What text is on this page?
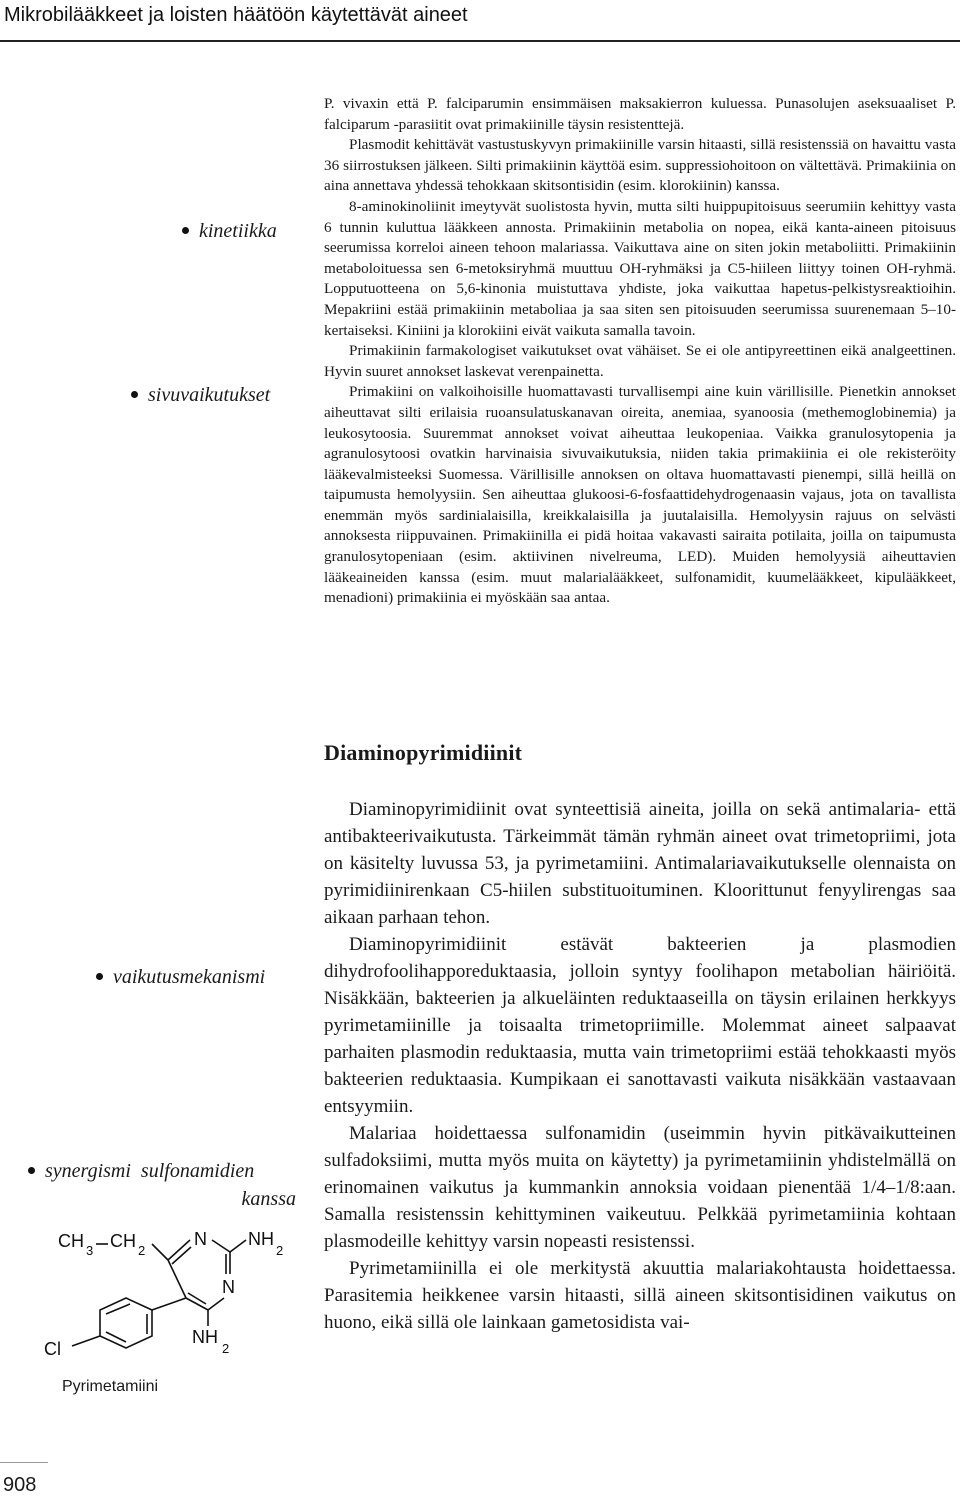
Mikrobilääkkeet ja loisten häätöön käytettävät aineet
kinetiikka
sivuvaikutukset
vaikutusmekanismi
synergismi  sulfonamidien
kanssa

P. vivaxin että P. falciparumin ensimmäisen maksakierron kuluessa. Punasolujen aseksuaaliset P. falciparum -parasiitit ovat primakiinille täysin resistenttejä.

Plasmodit kehittävät vastustuskyvyn primakiinille varsin hitaasti, sillä resistenssiä on havaittu vasta 36 siirrostuksen jälkeen. Silti primakiinin käyttöä esim. suppressiohoitoon on vältettävä. Primakiinia on aina annettava yhdessä tehokkaan skitsontisidin (esim. klorokiinin) kanssa.

8-aminokinoliinit imeytyvät suolistosta hyvin, mutta silti huippupitoisuus seerumiin kehittyy vasta 6 tunnin kuluttua lääkkeen annosta. Primakiinin metabolia on nopea, eikä kanta-aineen pitoisuus seerumissa korreloi aineen tehoon malariassa. Vaikuttava aine on siten jokin metaboliitti. Primakiinin metaboloituessa sen 6-metoksiryhmä muuttuu OH-ryhmäksi ja C5-hiileen liittyy toinen OH-ryhmä. Lopputuotteena on 5,6-kinonia muistuttava yhdiste, joka vaikuttaa hapetus-pelkistysreaktioihin. Mepakriini estää primakiinin metaboliaa ja saa siten sen pitoisuuden seerumissa suurenemaan 5–10-kertaiseksi. Kiniini ja klorokiini eivät vaikuta samalla tavoin.

Primakiinin farmakologiset vaikutukset ovat vähäiset. Se ei ole antipyreettinen eikä analgeettinen. Hyvin suuret annokset laskevat verenpainetta.

Primakiini on valkoihoisille huomattavasti turvallisempi aine kuin värillisille. Pienetkin annokset aiheuttavat silti erilaisia ruoansulatuskanavan oireita, anemiaa, syanoosia (methemoglobinemia) ja leukosytoosia. Suuremmat annokset voivat aiheuttaa leukopeniaa. Vaikka granulosytopenia ja agranulosytoosi ovatkin harvinaisia sivuvaikutuksia, niiden takia primakiinia ei ole rekisteröity lääkevalmisteeksi Suomessa. Värillisille annoksen on oltava huomattavasti pienempi, sillä heillä on taipumusta hemolyysiin. Sen aiheuttaa glukoosi-6-fosfaattidehydrogenaasin vajaus, jota on tavallista enemmän myös sardinialaisilla, kreikkalaisilla ja juutalaisilla. Hemolyysin rajuus on selvästi annoksesta riippuvainen. Primakiinilla ei pidä hoitaa vakavasti sairaita potilaita, joilla on taipumusta granulosytopeniaan (esim. aktiivinen nivelreuma, LED). Muiden hemolyysiä aiheuttavien lääkeaineiden kanssa (esim. muut malarialääkkeet, sulfonamidit, kuumelääkkeet, kipulääkkeet, menadioni) primakiinia ei myöskään saa antaa.

Diaminopyrimidiinit

Diaminopyrimidiinit ovat synteettisiä aineita, joilla on sekä antimalaria- että antibakteerivaikutusta. Tärkeimmät tämän ryhmän aineet ovat trimetopriimi, jota on käsitelty luvussa 53, ja pyrimetamiini. Antimalariavaikutukselle olennaista on pyrimidiinirenkaan C5-hiilen substituoituminen. Kloorittunut fenyylirengas saa aikaan parhaan tehon.

Diaminopyrimidiinit estävät bakteerien ja plasmodien dihydrofoolihapporeduktaasia, jolloin syntyy foolihapon metabolian häiriöitä. Nisäkkään, bakteerien ja alkueläinten reduktaaseilla on täysin erilainen herkkyys pyrimetamiinille ja toisaalta trimetopriimille. Molemmat aineet salpaavat parhaiten plasmodin reduktaasia, mutta vain trimetopriimi estää tehokkaasti myös bakteerien reduktaasia. Kumpikaan ei sanottavasti vaikuta nisäkkään vastaavaan entsyymiin.

Malariaa hoidettaessa sulfonamidin (useimmin hyvin pitkävaikutteinen sulfadoksiimi, mutta myös muita on käytetty) ja pyrimetamiinin yhdistelmällä on erinomainen vaikutus ja kummankin annoksia voidaan pienentää 1/4–1/8:aan. Samalla resistenssin kehittyminen vaikeutuu. Pelkkää pyrimetamiinia kohtaan plasmodeille kehittyy varsin nopeasti resistenssi.

Pyrimetamiinilla ei ole merkitystä akuuttia malariakohtausta hoidettaessa. Parasitemia heikkenee varsin hitaasti, sillä aineen skitsontisidinen vaikutus on huono, eikä sillä ole lainkaan gametosidista vai-

CH 3 CH 2
N NH
2
N
NH
2
Cl
Pyrimetamiini
908
